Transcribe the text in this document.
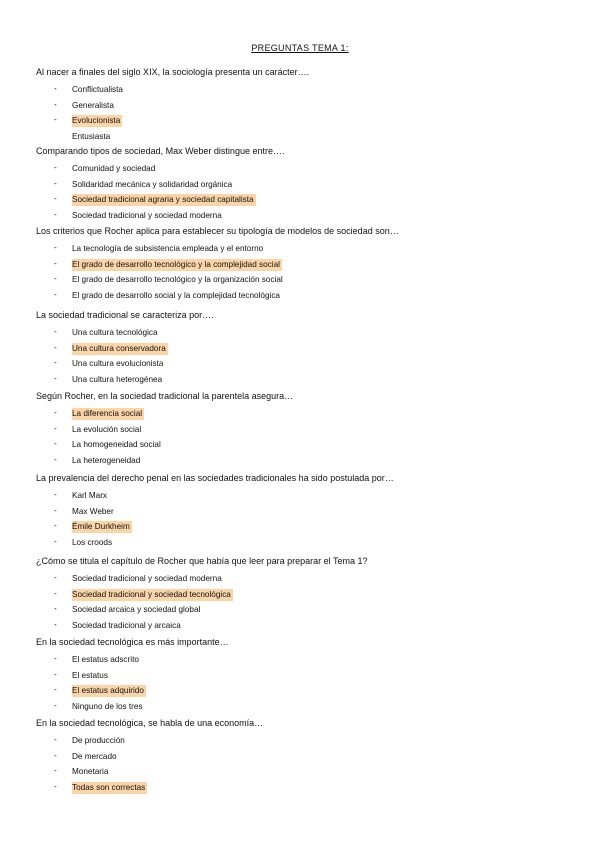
PREGUNTAS TEMA 1:
Al nacer a finales del siglo XIX, la sociología presenta un carácter….
-	Conflictualista
-	Generalista
-	Evolucionista
Entusiasta
Comparando tipos de sociedad, Max Weber distingue entre….
-	Comunidad y sociedad
-	Solidaridad mecánica y solidaridad orgánica
-	Sociedad tradicional agraria y sociedad capitalista
-	Sociedad tradicional y sociedad moderna
Los criterios que Rocher aplica para establecer su tipología de modelos de sociedad son…
-	La tecnología de subsistencia empleada y el entorno
-	El grado de desarrollo tecnológico y la complejidad social
-	El grado de desarrollo tecnológico y la organización social
-	El grado de desarrollo social y la complejidad tecnológica
La sociedad tradicional se caracteriza por….
-	Una cultura tecnológica
-	Una cultura conservadora
-	Una cultura evolucionista
-	Una cultura heterogénea
Según Rocher, en la sociedad tradicional la parentela asegura…
-	La diferencia social
-	La evolución social
-	La homogeneidad social
-	La heterogeneidad
La prevalencia del derecho penal en las sociedades tradicionales ha sido postulada por…
-	Karl Marx
-	Max Weber
-	Émile Durkheim
-	Los croods
¿Cómo se titula el capítulo de Rocher que había que leer para preparar el Tema 1?
-	Sociedad tradicional y sociedad moderna
-	Sociedad tradicional y sociedad tecnológica
-	Sociedad arcaica y sociedad global
-	Sociedad tradicional y arcaica
En la sociedad tecnológica es más importante…
-	El estatus adscrito
-	El estatus
-	El estatus adquirido
-	Ninguno de los tres
En la sociedad tecnológica, se habla de una economía…
-	De producción
-	De mercado
-	Monetaria
-	Todas son correctas
